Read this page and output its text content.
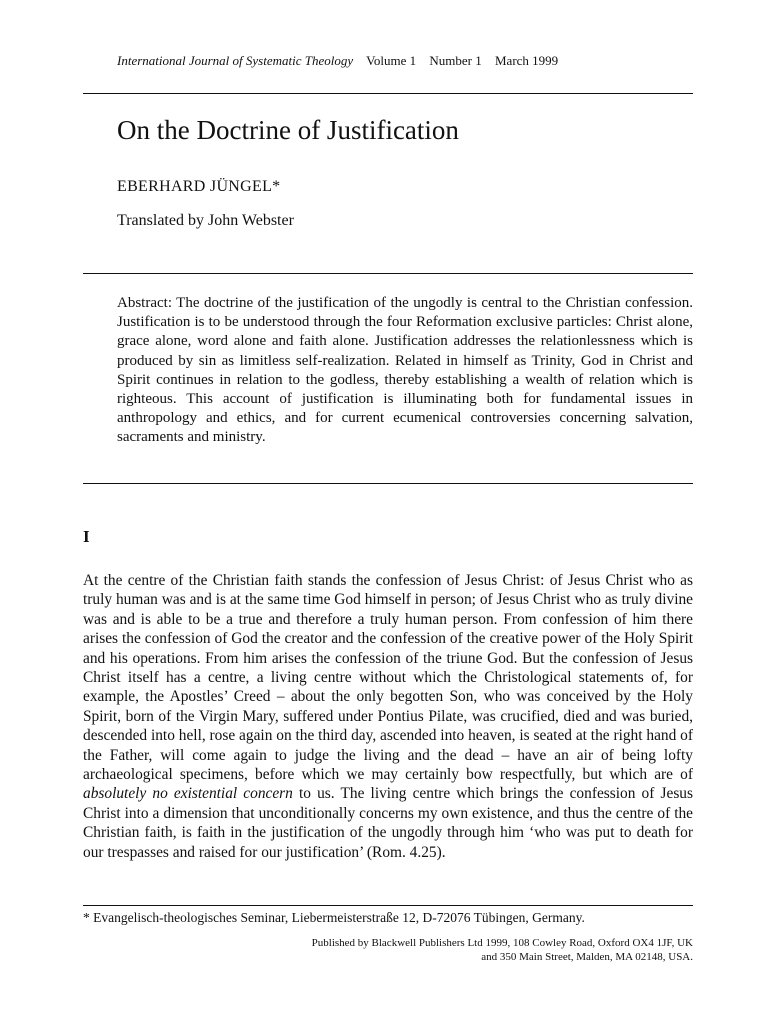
International Journal of Systematic Theology Volume 1 Number 1 March 1999
On the Doctrine of Justification
EBERHARD JÜNGEL*
Translated by John Webster
Abstract: The doctrine of the justification of the ungodly is central to the Christian confession. Justification is to be understood through the four Reformation exclusive particles: Christ alone, grace alone, word alone and faith alone. Justification addresses the relationlessness which is produced by sin as limitless self-realization. Related in himself as Trinity, God in Christ and Spirit continues in relation to the godless, thereby establishing a wealth of relation which is righteous. This account of justification is illuminating both for fundamental issues in anthropology and ethics, and for current ecumenical controversies concerning salvation, sacraments and ministry.
I
At the centre of the Christian faith stands the confession of Jesus Christ: of Jesus Christ who as truly human was and is at the same time God himself in person; of Jesus Christ who as truly divine was and is able to be a true and therefore a truly human person. From confession of him there arises the confession of God the creator and the confession of the creative power of the Holy Spirit and his operations. From him arises the confession of the triune God. But the confession of Jesus Christ itself has a centre, a living centre without which the Christological statements of, for example, the Apostles’ Creed – about the only begotten Son, who was conceived by the Holy Spirit, born of the Virgin Mary, suffered under Pontius Pilate, was crucified, died and was buried, descended into hell, rose again on the third day, ascended into heaven, is seated at the right hand of the Father, will come again to judge the living and the dead – have an air of being lofty archaeological specimens, before which we may certainly bow respectfully, but which are of absolutely no existential concern to us. The living centre which brings the confession of Jesus Christ into a dimension that unconditionally concerns my own existence, and thus the centre of the Christian faith, is faith in the justification of the ungodly through him ‘who was put to death for our trespasses and raised for our justification’ (Rom. 4.25).
* Evangelisch-theologisches Seminar, Liebermeisterstraße 12, D-72076 Tübingen, Germany.
Published by Blackwell Publishers Ltd 1999, 108 Cowley Road, Oxford OX4 1JF, UK
and 350 Main Street, Malden, MA 02148, USA.
